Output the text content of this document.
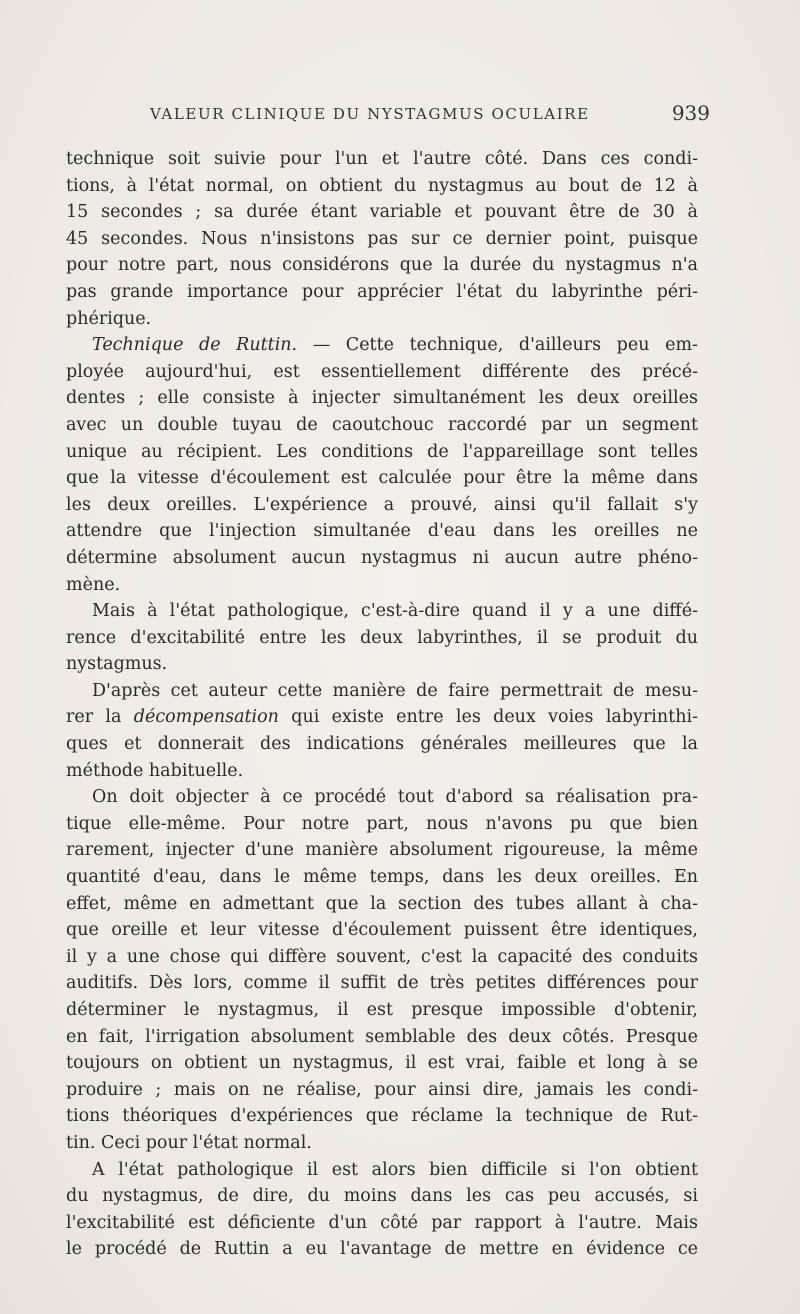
VALEUR CLINIQUE DU NYSTAGMUS OCULAIRE	939
technique soit suivie pour l'un et l'autre côté. Dans ces condi-
tions, à l'état normal, on obtient du nystagmus au bout de 12 à
15 secondes ; sa durée étant variable et pouvant être de 30 à
45 secondes. Nous n'insistons pas sur ce dernier point, puisque
pour notre part, nous considérons que la durée du nystagmus n'a
pas grande importance pour apprécier l'état du labyrinthe péri-
phérique.
Technique de Ruttin. — Cette technique, d'ailleurs peu em-
ployée aujourd'hui, est essentiellement différente des précé-
dentes ; elle consiste à injecter simultanément les deux oreilles
avec un double tuyau de caoutchouc raccordé par un segment
unique au récipient. Les conditions de l'appareillage sont telles
que la vitesse d'écoulement est calculée pour être la même dans
les deux oreilles. L'expérience a prouvé, ainsi qu'il fallait s'y
attendre que l'injection simultanée d'eau dans les oreilles ne
détermine absolument aucun nystagmus ni aucun autre phéno-
mène.
Mais à l'état pathologique, c'est-à-dire quand il y a une diffé-
rence d'excitabilité entre les deux labyrinthes, il se produit du
nystagmus.
D'après cet auteur cette manière de faire permettrait de mesu-
rer la décompensation qui existe entre les deux voies labyrinthi-
ques et donnerait des indications générales meilleures que la
méthode habituelle.
On doit objecter à ce procédé tout d'abord sa réalisation pra-
tique elle-même. Pour notre part, nous n'avons pu que bien
rarement, injecter d'une manière absolument rigoureuse, la même
quantité d'eau, dans le même temps, dans les deux oreilles. En
effet, même en admettant que la section des tubes allant à cha-
que oreille et leur vitesse d'écoulement puissent être identiques,
il y a une chose qui diffère souvent, c'est la capacité des conduits
auditifs. Dès lors, comme il suffit de très petites différences pour
déterminer le nystagmus, il est presque impossible d'obtenir,
en fait, l'irrigation absolument semblable des deux côtés. Presque
toujours on obtient un nystagmus, il est vrai, faible et long à se
produire ; mais on ne réalise, pour ainsi dire, jamais les condi-
tions théoriques d'expériences que réclame la technique de Rut-
tin. Ceci pour l'état normal.
A l'état pathologique il est alors bien difficile si l'on obtient
du nystagmus, de dire, du moins dans les cas peu accusés, si
l'excitabilité est déficiente d'un côté par rapport à l'autre. Mais
le procédé de Ruttin a eu l'avantage de mettre en évidence ce
